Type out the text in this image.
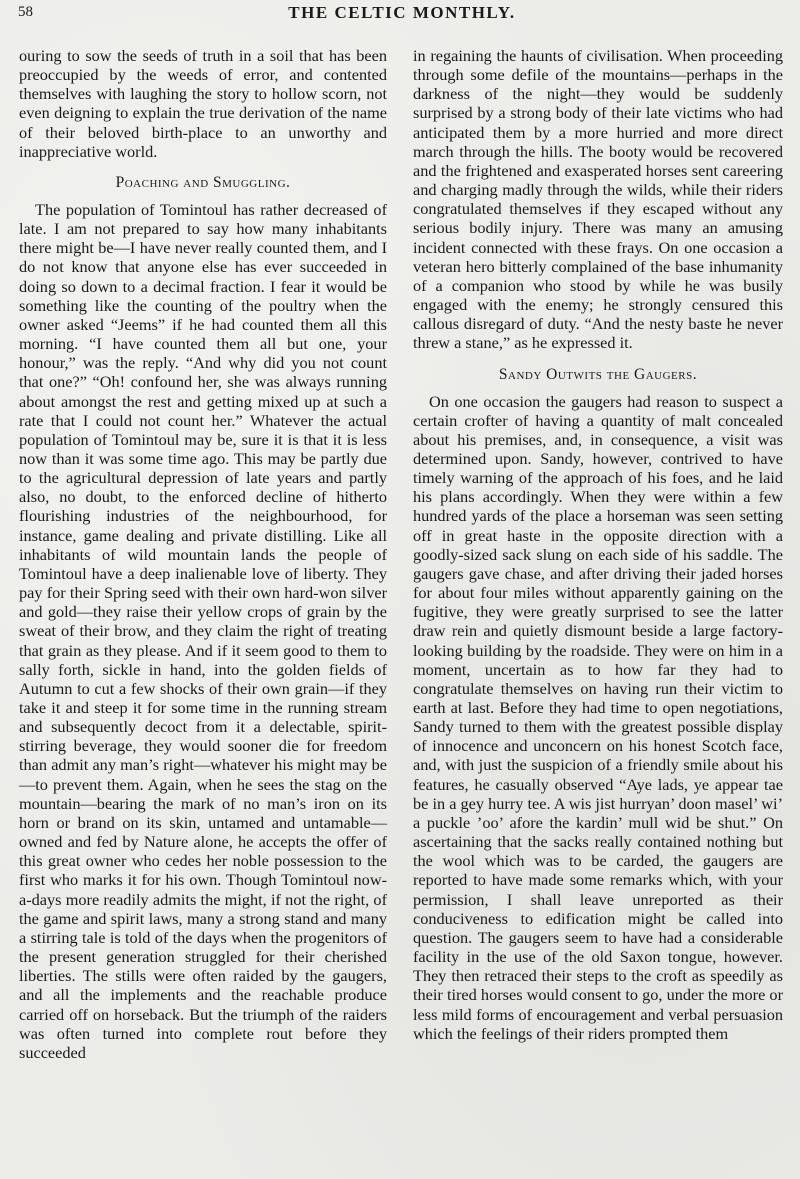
58	THE CELTIC MONTHLY.

ouring to sow the seeds of truth in a soil that has been preoccupied by the weeds of error, and contented themselves with laughing the story to hollow scorn, not even deigning to explain the true derivation of the name of their beloved birth-place to an unworthy and inappreciative world.

Poaching and Smuggling.

The population of Tomintoul has rather decreased of late. I am not prepared to say how many inhabitants there might be—I have never really counted them, and I do not know that anyone else has ever succeeded in doing so down to a decimal fraction. I fear it would be something like the counting of the poultry when the owner asked “Jeems” if he had counted them all this morning. “I have counted them all but one, your honour,” was the reply. “And why did you not count that one?” “Oh! confound her, she was always running about amongst the rest and getting mixed up at such a rate that I could not count her.” Whatever the actual population of Tomintoul may be, sure it is that it is less now than it was some time ago. This may be partly due to the agricultural depression of late years and partly also, no doubt, to the enforced decline of hitherto flourishing industries of the neighbourhood, for instance, game dealing and private distilling. Like all inhabitants of wild mountain lands the people of Tomintoul have a deep inalienable love of liberty. They pay for their Spring seed with their own hard-won silver and gold—they raise their yellow crops of grain by the sweat of their brow, and they claim the right of treating that grain as they please. And if it seem good to them to sally forth, sickle in hand, into the golden fields of Autumn to cut a few shocks of their own grain—if they take it and steep it for some time in the running stream and subsequently decoct from it a delectable, spirit-stirring beverage, they would sooner die for freedom than admit any man’s right—whatever his might may be—to prevent them. Again, when he sees the stag on the mountain—bearing the mark of no man’s iron on its horn or brand on its skin, untamed and untamable—owned and fed by Nature alone, he accepts the offer of this great owner who cedes her noble possession to the first who marks it for his own. Though Tomintoul now-a-days more readily admits the might, if not the right, of the game and spirit laws, many a strong stand and many a stirring tale is told of the days when the progenitors of the present generation struggled for their cherished liberties. The stills were often raided by the gaugers, and all the implements and the reachable produce carried off on horseback. But the triumph of the raiders was often turned into complete rout before they succeeded

in regaining the haunts of civilisation. When proceeding through some defile of the mountains—perhaps in the darkness of the night—they would be suddenly surprised by a strong body of their late victims who had anticipated them by a more hurried and more direct march through the hills. The booty would be recovered and the frightened and exasperated horses sent careering and charging madly through the wilds, while their riders congratulated themselves if they escaped without any serious bodily injury. There was many an amusing incident connected with these frays. On one occasion a veteran hero bitterly complained of the base inhumanity of a companion who stood by while he was busily engaged with the enemy; he strongly censured this callous disregard of duty. “And the nesty baste he never threw a stane,” as he expressed it.

Sandy Outwits the Gaugers.

On one occasion the gaugers had reason to suspect a certain crofter of having a quantity of malt concealed about his premises, and, in consequence, a visit was determined upon. Sandy, however, contrived to have timely warning of the approach of his foes, and he laid his plans accordingly. When they were within a few hundred yards of the place a horseman was seen setting off in great haste in the opposite direction with a goodly-sized sack slung on each side of his saddle. The gaugers gave chase, and after driving their jaded horses for about four miles without apparently gaining on the fugitive, they were greatly surprised to see the latter draw rein and quietly dismount beside a large factory-looking building by the roadside. They were on him in a moment, uncertain as to how far they had to congratulate themselves on having run their victim to earth at last. Before they had time to open negotiations, Sandy turned to them with the greatest possible display of innocence and unconcern on his honest Scotch face, and, with just the suspicion of a friendly smile about his features, he casually observed “Aye lads, ye appear tae be in a gey hurry tee. A wis jist hurryan’ doon masel’ wi’ a puckle ’oo’ afore the kardin’ mull wid be shut.” On ascertaining that the sacks really contained nothing but the wool which was to be carded, the gaugers are reported to have made some remarks which, with your permission, I shall leave unreported as their conduciveness to edification might be called into question. The gaugers seem to have had a considerable facility in the use of the old Saxon tongue, however. They then retraced their steps to the croft as speedily as their tired horses would consent to go, under the more or less mild forms of encouragement and verbal persuasion which the feelings of their riders prompted them
